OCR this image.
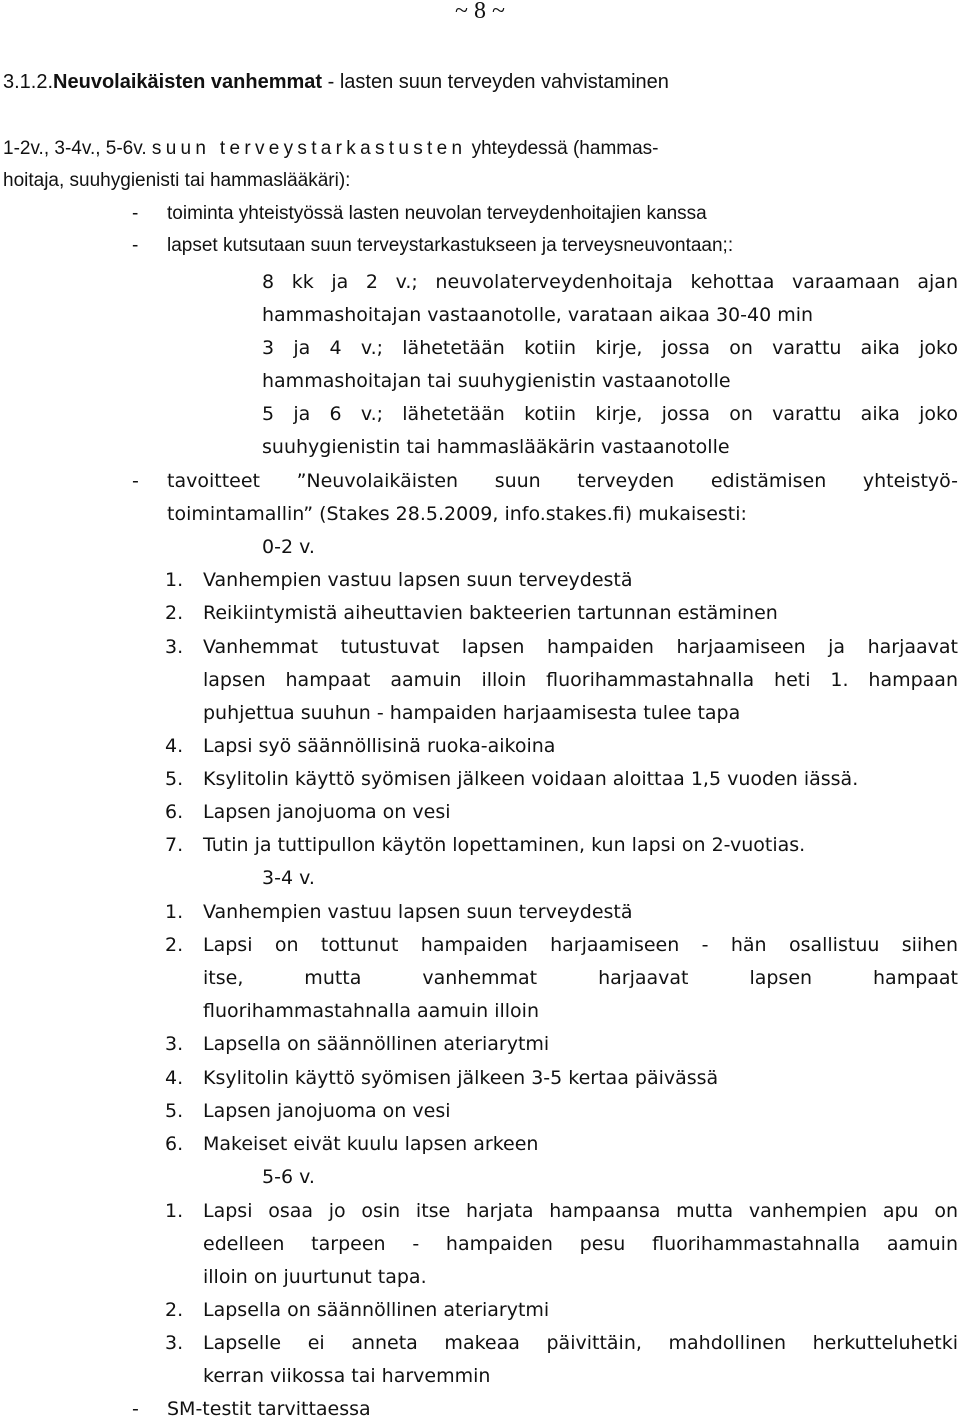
~ 8 ~
3.1.2.Neuvolaikäisten vanhemmat - lasten suun terveyden vahvistaminen
1-2v., 3-4v., 5-6v. suun terveystarkastusten yhteydessä (hammas-
hoitaja, suuhygienisti tai hammaslääkäri):
- toiminta yhteistyössä lasten neuvolan terveydenhoitajien kanssa
- lapset kutsutaan suun terveystarkastukseen ja terveysneuvontaan;:
8 kk ja 2 v.; neuvolaterveydenhoitaja kehottaa varaamaan ajan
hammashoitajan vastaanotolle, varataan aikaa 30-40 min
3 ja 4 v.; lähetetään kotiin kirje, jossa on varattu aika joko
hammashoitajan tai suuhygienistin vastaanotolle
5 ja 6 v.; lähetetään kotiin kirje, jossa on varattu aika joko
suuhygienistin tai hammaslääkärin vastaanotolle
- tavoitteet ”Neuvolaikäisten suun terveyden edistämisen yhteistyö-
toimintamallin” (Stakes 28.5.2009, info.stakes.fi) mukaisesti:
0-2 v.
1. Vanhempien vastuu lapsen suun terveydestä
2. Reikiintymistä aiheuttavien bakteerien tartunnan estäminen
3. Vanhemmat tutustuvat lapsen hampaiden harjaamiseen ja harjaavat
lapsen hampaat aamuin illoin fluorihammastahnalla heti 1. hampaan
puhjettua suuhun - hampaiden harjaamisesta tulee tapa
4. Lapsi syö säännöllisinä ruoka-aikoina
5. Ksylitolin käyttö syömisen jälkeen voidaan aloittaa 1,5 vuoden iässä.
6. Lapsen janojuoma on vesi
7. Tutin ja tuttipullon käytön lopettaminen, kun lapsi on 2-vuotias.
3-4 v.
1. Vanhempien vastuu lapsen suun terveydestä
2. Lapsi on tottunut hampaiden harjaamiseen - hän osallistuu siihen
itse, mutta vanhemmat harjaavat lapsen hampaat
fluorihammastahnalla aamuin illoin
3. Lapsella on säännöllinen ateriarytmi
4. Ksylitolin käyttö syömisen jälkeen 3-5 kertaa päivässä
5. Lapsen janojuoma on vesi
6. Makeiset eivät kuulu lapsen arkeen
5-6 v.
1. Lapsi osaa jo osin itse harjata hampaansa mutta vanhempien apu on
edelleen tarpeen - hampaiden pesu fluorihammastahnalla aamuin
illoin on juurtunut tapa.
2. Lapsella on säännöllinen ateriarytmi
3. Lapselle ei anneta makeaa päivittäin, mahdollinen herkutteluhetki
kerran viikossa tai harvemmin
- SM-testit tarvittaessa
